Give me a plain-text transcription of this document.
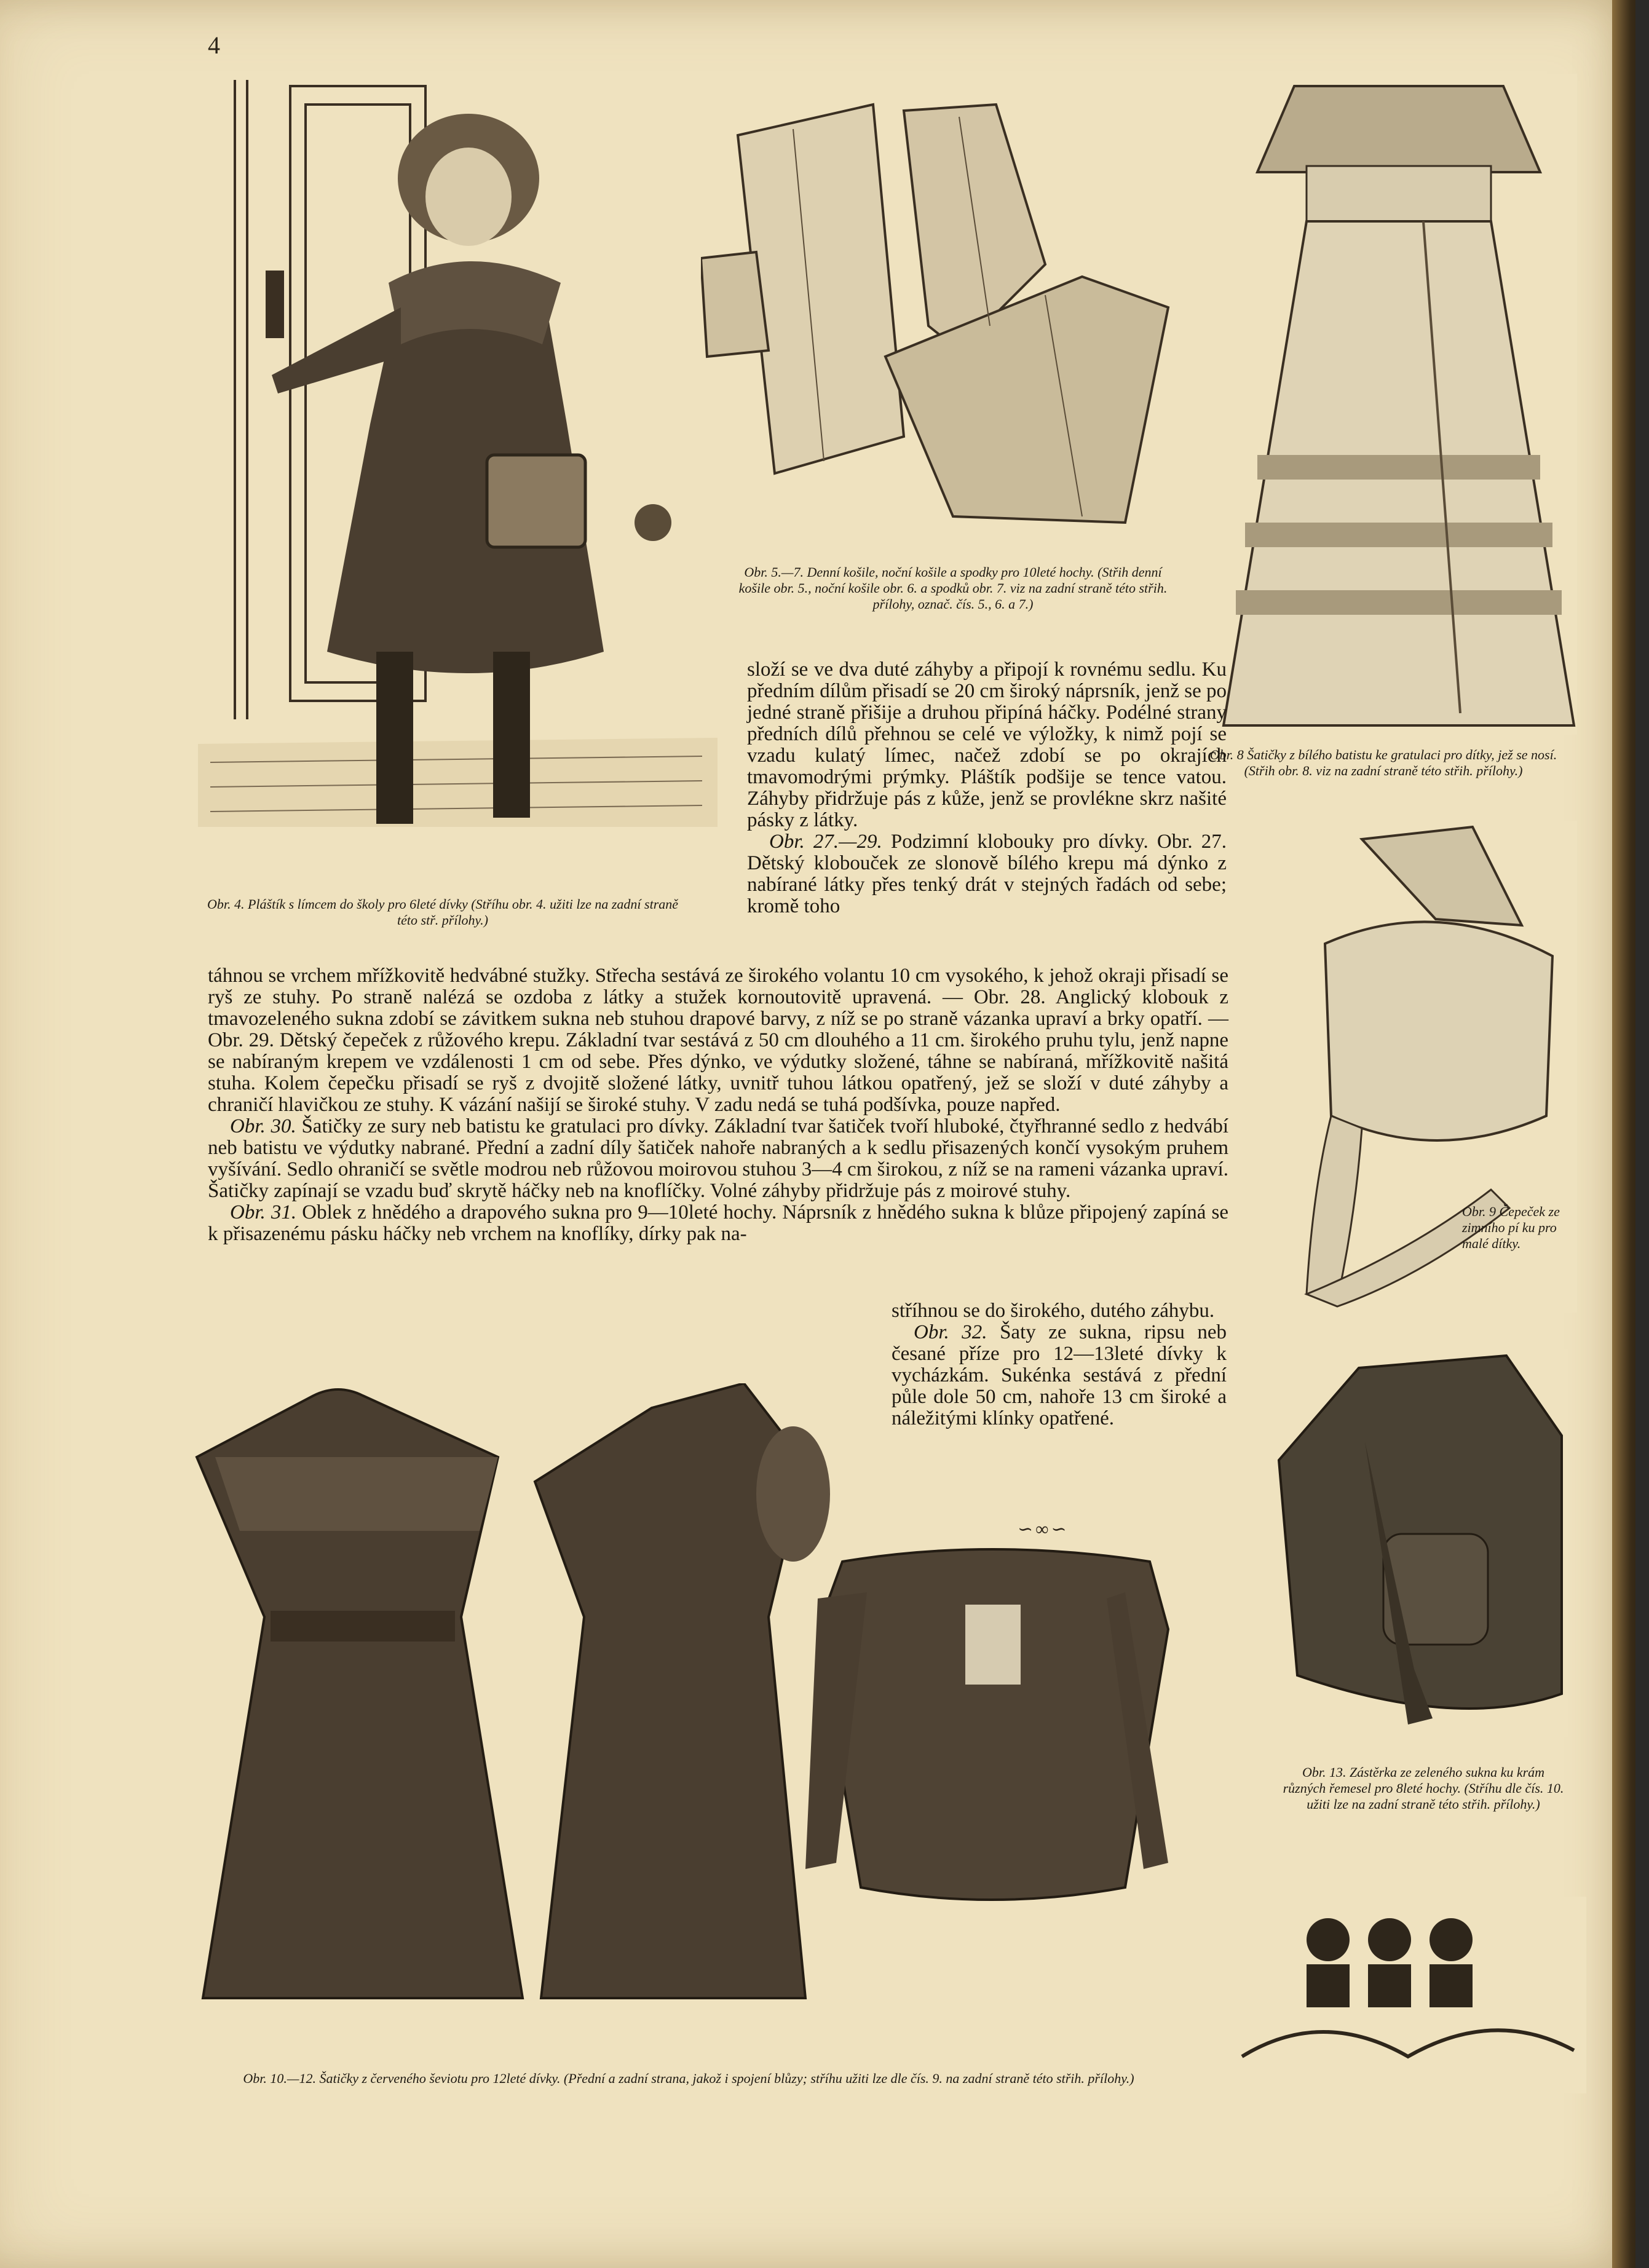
4
Obr. 4. Pláštík s límcem do školy pro 6leté dívky (Stříhu obr. 4. užiti lze na zadní straně této stř. přílohy.)
Obr. 5.—7. Denní košile, noční košile a spodky pro 10leté hochy. (Střih denní košile obr. 5., noční košile obr. 6. a spodků obr. 7. viz na zadní straně této střih. přílohy, označ. čís. 5., 6. a 7.)
Obr. 8 Šatičky z bílého batistu ke gratulaci pro dítky, jež se nosí. (Střih obr. 8. viz na zadní straně této střih. přílohy.)
Obr. 9 Čepeček ze zimního pí ku pro malé dítky.
Obr. 10.—12. Šatičky z červeného ševiotu pro 12leté dívky. (Přední a zadní strana, jakož i spojení blůzy; stříhu užiti lze dle čís. 9. na zadní straně této střih. přílohy.)
Obr. 13. Zástěrka ze zeleného sukna ku krám různých řemesel pro 8leté hochy. (Stříhu dle čís. 10. užiti lze na zadní straně této střih. přílohy.)

složí se ve dva duté záhyby a připojí k rovnému sedlu. Ku předním dílům přisadí se 20 cm široký náprsník, jenž se po jedné straně přišije a druhou připíná háčky. Podélné strany předních dílů přehnou se celé ve výložky, k nimž pojí se vzadu kulatý límec, načež zdobí se po okrajích tmavomodrými prýmky. Pláštík podšije se tence vatou. Záhyby přidržuje pás z kůže, jenž se provlékne skrz našité pásky z látky.

Obr. 27.—29. Podzimní klobouky pro dívky. Obr. 27. Dětský klobouček ze slonově bílého krepu má dýnko z nabírané látky přes tenký drát v stejných řadách od sebe; kromě toho

táhnou se vrchem mřížkovitě hedvábné stužky. Střecha sestává ze širokého volantu 10 cm vysokého, k jehož okraji přisadí se ryš ze stuhy. Po straně nalézá se ozdoba z látky a stužek kornoutovitě upravená. — Obr. 28. Anglický klobouk z tmavozeleného sukna zdobí se závitkem sukna neb stuhou drapové barvy, z níž se po straně vázanka upraví a brky opatří. — Obr. 29. Dětský čepeček z růžového krepu. Základní tvar sestává z 50 cm dlouhého a 11 cm. širokého pruhu tylu, jenž napne se nabíraným krepem ve vzdálenosti 1 cm od sebe. Přes dýnko, ve výdutky složené, táhne se nabíraná, mřížkovitě našitá stuha. Kolem čepečku přisadí se ryš z dvojitě složené látky, uvnitř tuhou látkou opatřený, jež se složí v duté záhyby a chraničí hlavičkou ze stuhy. K vázání našijí se široké stuhy. V zadu nedá se tuhá podšívka, pouze napřed.

Obr. 30. Šatičky ze sury neb batistu ke gratulaci pro dívky. Základní tvar šatiček tvoří hluboké, čtyřhranné sedlo z hedvábí neb batistu ve výdutky nabrané. Přední a zadní díly šatiček nahoře nabraných a k sedlu přisazených končí vysokým pruhem vyšívání. Sedlo ohraničí se světle modrou neb růžovou moirovou stuhou 3—4 cm širokou, z níž se na rameni vázanka upraví. Šatičky zapínají se vzadu buď skrytě háčky neb na knoflíčky. Volné záhyby přidržuje pás z moirové stuhy.

Obr. 31. Oblek z hnědého a drapového sukna pro 9—10leté hochy. Náprsník z hnědého sukna k blůze připojený zapíná se k přisazenému pásku háčky neb vrchem na knoflíky, dírky pak na-

stříhnou se do širokého, dutého záhybu.

Obr. 32. Šaty ze sukna, ripsu neb česané příze pro 12—13leté dívky k vycházkám. Sukénka sestává z přední půle dole 50 cm, nahoře 13 cm široké a náležitými klínky opatřené.

∽∞∽
